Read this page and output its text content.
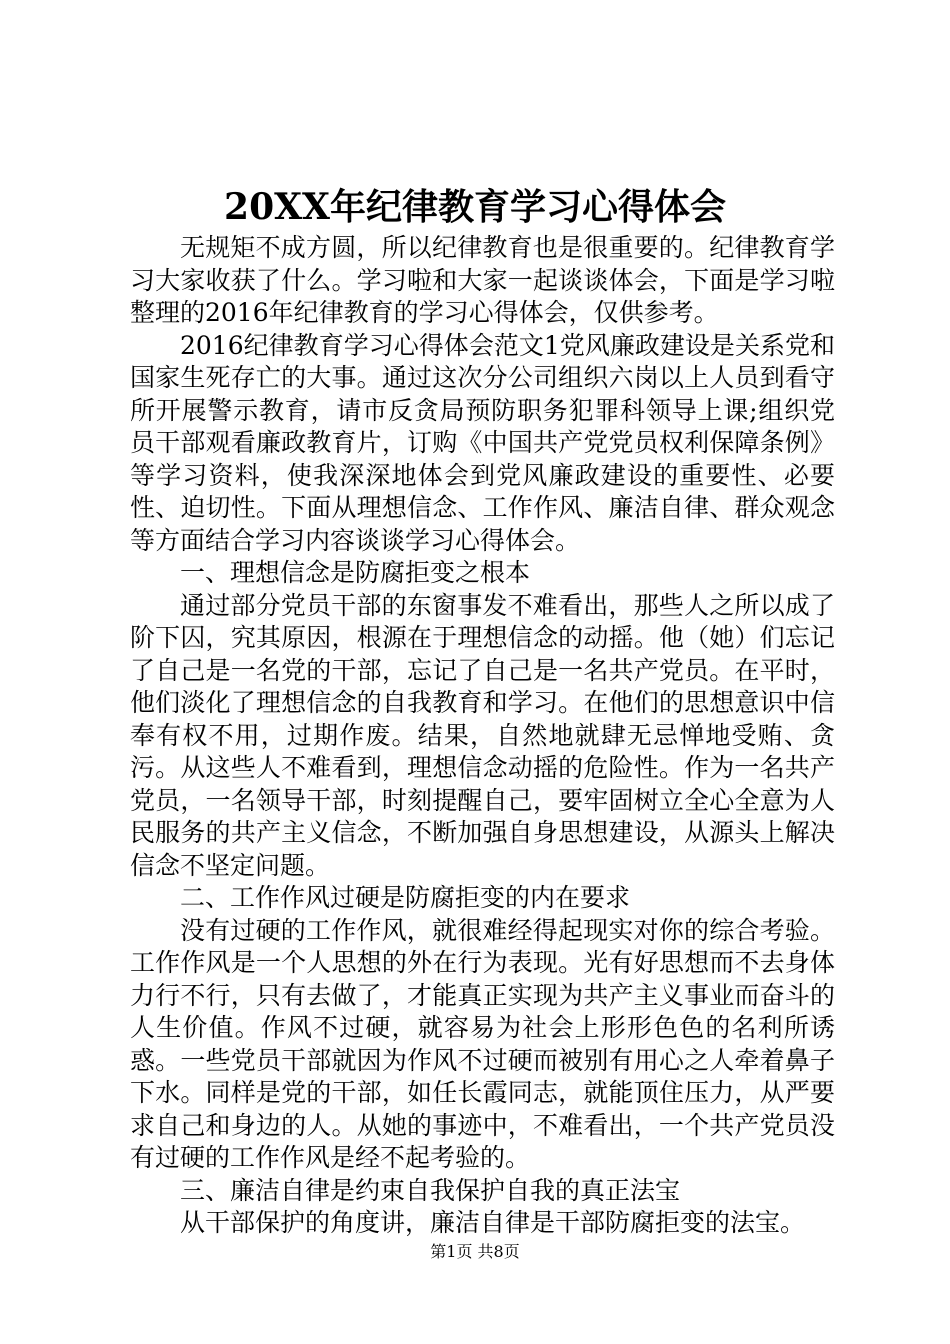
20XX年纪律教育学习心得体会

无规矩不成方圆，所以纪律教育也是很重要的。纪律教育学习大家收获了什么。学习啦和大家一起谈谈体会，下面是学习啦整理的2016年纪律教育的学习心得体会，仅供参考。

2016纪律教育学习心得体会范文1党风廉政建设是关系党和国家生死存亡的大事。通过这次分公司组织六岗以上人员到看守所开展警示教育，请市反贪局预防职务犯罪科领导上课;组织党员干部观看廉政教育片，订购《中国共产党党员权利保障条例》等学习资料，使我深深地体会到党风廉政建设的重要性、必要性、迫切性。下面从理想信念、工作作风、廉洁自律、群众观念等方面结合学习内容谈谈学习心得体会。

一、理想信念是防腐拒变之根本

通过部分党员干部的东窗事发不难看出，那些人之所以成了阶下囚，究其原因，根源在于理想信念的动摇。他（她）们忘记了自己是一名党的干部，忘记了自己是一名共产党员。在平时，他们淡化了理想信念的自我教育和学习。在他们的思想意识中信奉有权不用，过期作废。结果，自然地就肆无忌惮地受贿、贪污。从这些人不难看到，理想信念动摇的危险性。作为一名共产党员，一名领导干部，时刻提醒自己，要牢固树立全心全意为人民服务的共产主义信念，不断加强自身思想建设，从源头上解决信念不坚定问题。

二、工作作风过硬是防腐拒变的内在要求

没有过硬的工作作风，就很难经得起现实对你的综合考验。工作作风是一个人思想的外在行为表现。光有好思想而不去身体力行不行，只有去做了，才能真正实现为共产主义事业而奋斗的人生价值。作风不过硬，就容易为社会上形形色色的名利所诱惑。一些党员干部就因为作风不过硬而被别有用心之人牵着鼻子下水。同样是党的干部，如任长霞同志，就能顶住压力，从严要求自己和身边的人。从她的事迹中，不难看出，一个共产党员没有过硬的工作作风是经不起考验的。

三、廉洁自律是约束自我保护自我的真正法宝

从干部保护的角度讲，廉洁自律是干部防腐拒变的法宝。

第1页 共8页
